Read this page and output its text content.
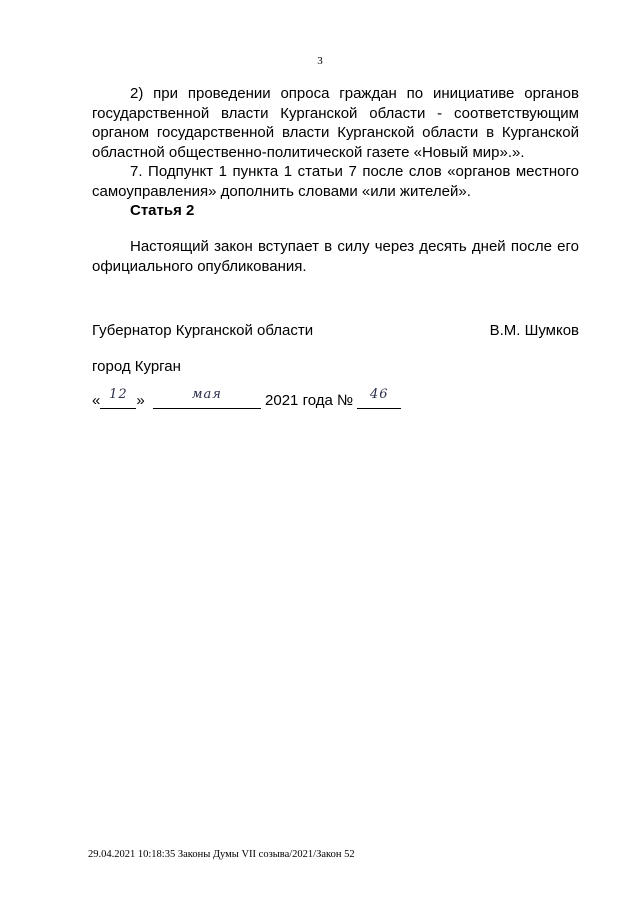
3

2) при проведении опроса граждан по инициативе органов государственной власти Курганской области - соответствующим органом государственной власти Курганской области в Курганской областной общественно-политической газете «Новый мир».».

7. Подпункт 1 пункта 1 статьи 7 после слов «органов местного самоуправления» дополнить словами «или жителей».

Статья 2

Настоящий закон вступает в силу через десять дней после его официального опубликования.

Губернатор Курганской области	В.М. Шумков
город Курган
« 12 »	мая	2021 года № 46
29.04.2021 10:18:35 Законы Думы VII созыва/2021/Закон 52
